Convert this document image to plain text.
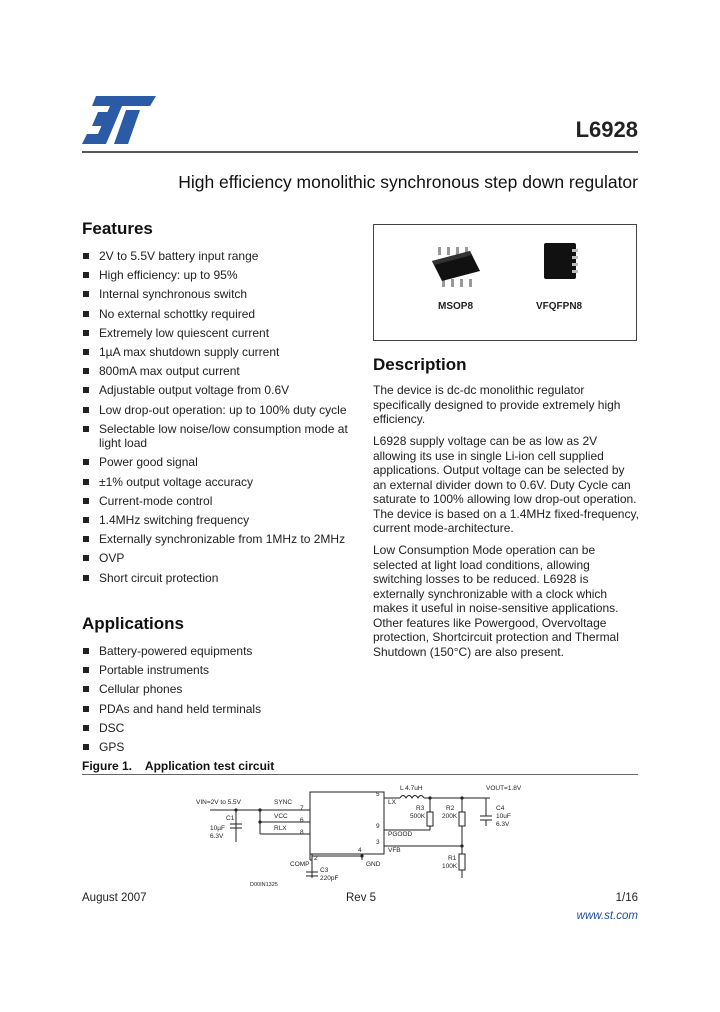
L6928
High efficiency monolithic synchronous step down regulator
Features
2V to 5.5V battery input range
High efficiency: up to 95%
Internal synchronous switch
No external schottky required
Extremely low quiescent current
1µA max shutdown supply current
800mA max output current
Adjustable output voltage from 0.6V
Low drop-out operation: up to 100% duty cycle
Selectable low noise/low consumption mode at light load
Power good signal
±1% output voltage accuracy
Current-mode control
1.4MHz switching frequency
Externally synchronizable from 1MHz to 2MHz
OVP
Short circuit protection
Applications
Battery-powered equipments
Portable instruments
Cellular phones
PDAs and hand held terminals
DSC
GPS
MSOP8	VFQFPN8
Description

The device is dc-dc monolithic regulator specifically designed to provide extremely high efficiency.

L6928 supply voltage can be as low as 2V allowing its use in single Li-ion cell supplied applications. Output voltage can be selected by an external divider down to 0.6V. Duty Cycle can saturate to 100% allowing low drop-out operation. The device is based on a 1.4MHz fixed-frequency, current mode-architecture.

Low Consumption Mode operation can be selected at light load conditions, allowing switching losses to be reduced. L6928 is externally synchronizable with a clock which makes it useful in noise-sensitive applications. Other features like Powergood, Overvoltage protection, Shortcircuit protection and Thermal Shutdown (150°C) are also present.

Figure 1.    Application test circuit
VIN=2V to 5.5V	SYNC
VCC
RLX
7
6
8
COMP
2
GND
4
LX
5
PGOOD
9
VFB
3
L 4.7uH	VOUT=1.8V
C1
10µF
6.3V
C3
220pF
R3
500K
R2
200K
R1
100K
C4
10uF
6.3V
D00IN1325
August 2007	Rev 5	1/16
www.st.com
